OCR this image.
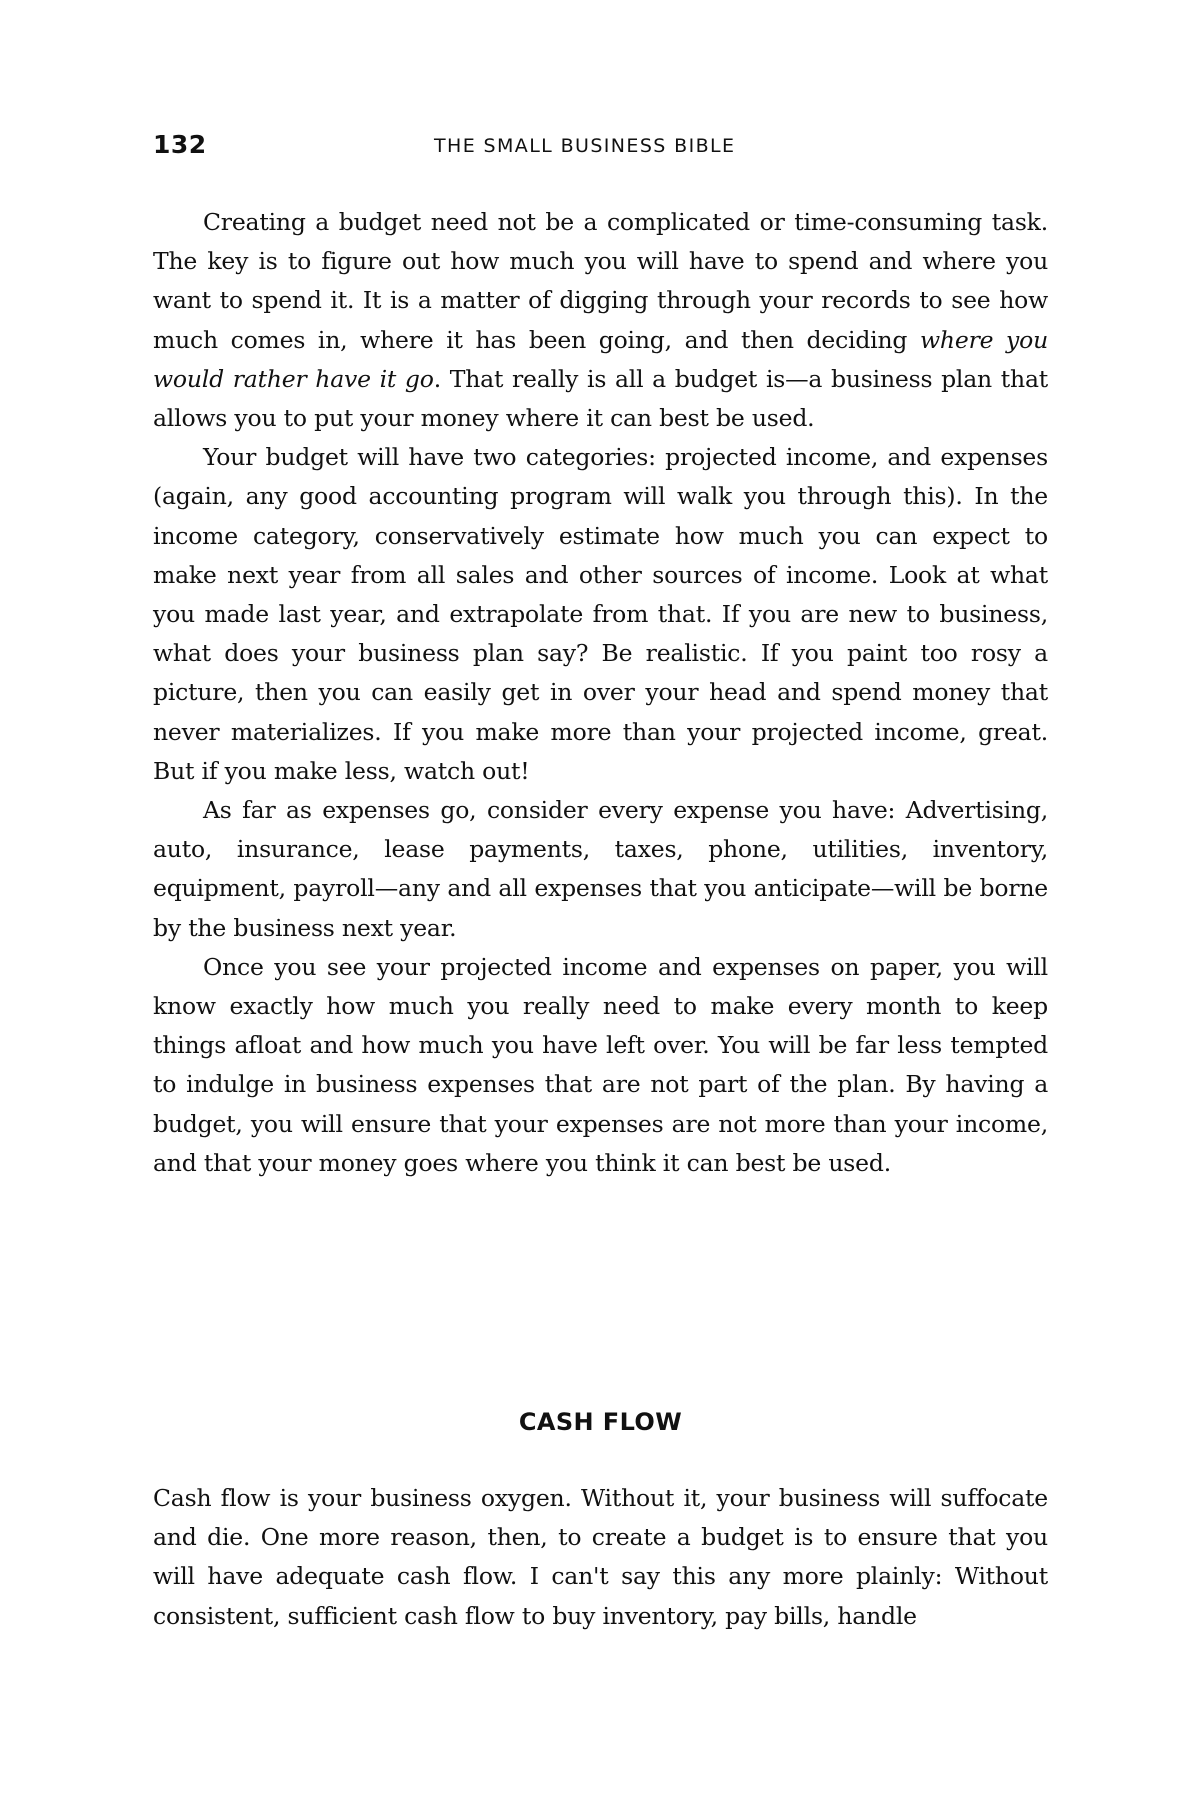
132	THE SMALL BUSINESS BIBLE

Creating a budget need not be a complicated or time-consuming task. The key is to figure out how much you will have to spend and where you want to spend it. It is a matter of digging through your records to see how much comes in, where it has been going, and then deciding where you would rather have it go. That really is all a budget is—a business plan that allows you to put your money where it can best be used.

Your budget will have two categories: projected income, and expenses (again, any good accounting program will walk you through this). In the income category, conservatively estimate how much you can expect to make next year from all sales and other sources of income. Look at what you made last year, and extrapolate from that. If you are new to business, what does your business plan say? Be realistic. If you paint too rosy a picture, then you can easily get in over your head and spend money that never materializes. If you make more than your projected income, great. But if you make less, watch out!

As far as expenses go, consider every expense you have: Advertising, auto, insurance, lease payments, taxes, phone, utilities, inventory, equipment, payroll—any and all expenses that you anticipate—will be borne by the business next year.

Once you see your projected income and expenses on paper, you will know exactly how much you really need to make every month to keep things afloat and how much you have left over. You will be far less tempted to indulge in business expenses that are not part of the plan. By having a budget, you will ensure that your expenses are not more than your income, and that your money goes where you think it can best be used.

CASH FLOW

Cash flow is your business oxygen. Without it, your business will suffocate and die. One more reason, then, to create a budget is to ensure that you will have adequate cash flow. I can't say this any more plainly: Without consistent, sufficient cash flow to buy inventory, pay bills, handle
